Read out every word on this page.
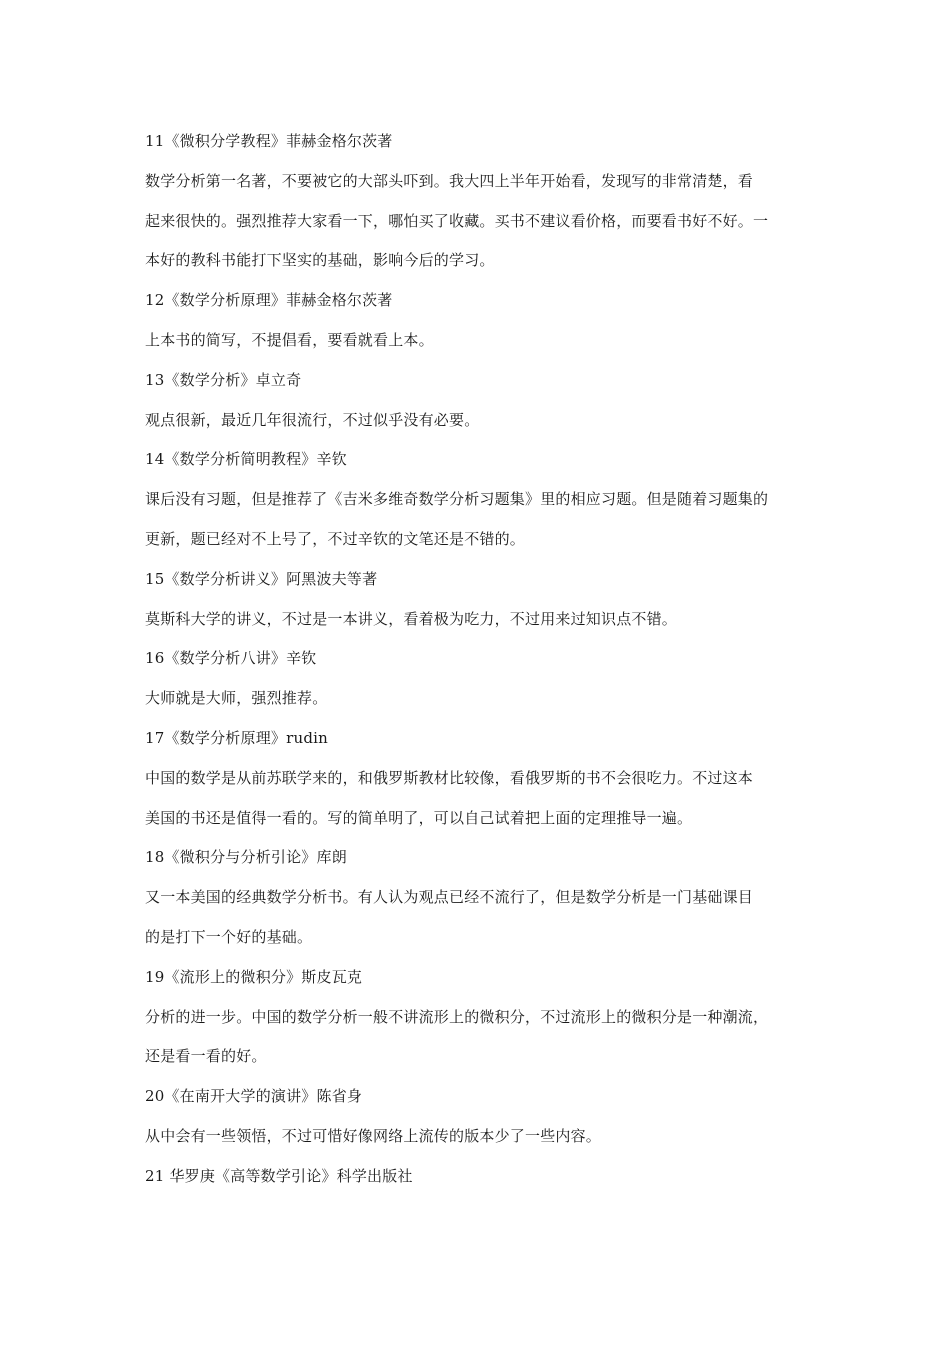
11《微积分学教程》菲赫金格尔茨著
数学分析第一名著，不要被它的大部头吓到。我大四上半年开始看，发现写的非常清楚，看
起来很快的。强烈推荐大家看一下，哪怕买了收藏。买书不建议看价格，而要看书好不好。一
本好的教科书能打下坚实的基础，影响今后的学习。
12《数学分析原理》菲赫金格尔茨著
上本书的简写，不提倡看，要看就看上本。
13《数学分析》卓立奇
观点很新，最近几年很流行，不过似乎没有必要。
14《数学分析简明教程》辛钦
课后没有习题，但是推荐了《吉米多维奇数学分析习题集》里的相应习题。但是随着习题集的
更新，题已经对不上号了，不过辛钦的文笔还是不错的。
15《数学分析讲义》阿黑波夫等著
莫斯科大学的讲义，不过是一本讲义，看着极为吃力，不过用来过知识点不错。
16《数学分析八讲》辛钦
大师就是大师，强烈推荐。
17《数学分析原理》rudin
中国的数学是从前苏联学来的，和俄罗斯教材比较像，看俄罗斯的书不会很吃力。不过这本
美国的书还是值得一看的。写的简单明了，可以自己试着把上面的定理推导一遍。
18《微积分与分析引论》库朗
又一本美国的经典数学分析书。有人认为观点已经不流行了，但是数学分析是一门基础课目
的是打下一个好的基础。
19《流形上的微积分》斯皮瓦克
分析的进一步。中国的数学分析一般不讲流形上的微积分，不过流形上的微积分是一种潮流，
还是看一看的好。
20《在南开大学的演讲》陈省身
从中会有一些领悟，不过可惜好像网络上流传的版本少了一些内容。
21 华罗庚《高等数学引论》科学出版社
